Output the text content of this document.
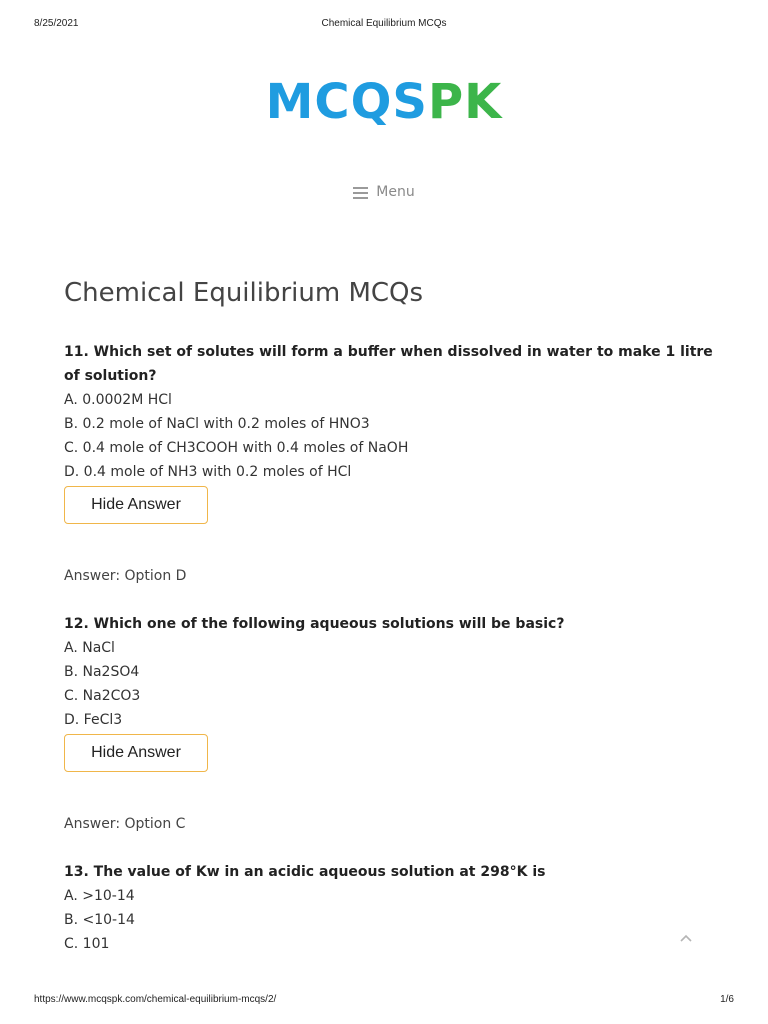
8/25/2021	Chemical Equilibrium MCQs
MCQSPK
Menu
Chemical Equilibrium MCQs

11. Which set of solutes will form a buffer when dissolved in water to make 1 litre of solution?

A. 0.0002M HCl
B. 0.2 mole of NaCl with 0.2 moles of HNO3
C. 0.4 mole of CH3COOH with 0.4 moles of NaOH
D. 0.4 mole of NH3 with 0.2 moles of HCl
Hide Answer
Answer: Option D

12. Which one of the following aqueous solutions will be basic?

A. NaCl
B. Na2SO4
C. Na2CO3
D. FeCl3
Hide Answer
Answer: Option C

13. The value of Kw in an acidic aqueous solution at 298°K is

A. >10-14
B. <10-14
C. 101
https://www.mcqspk.com/chemical-equilibrium-mcqs/2/	1/6
